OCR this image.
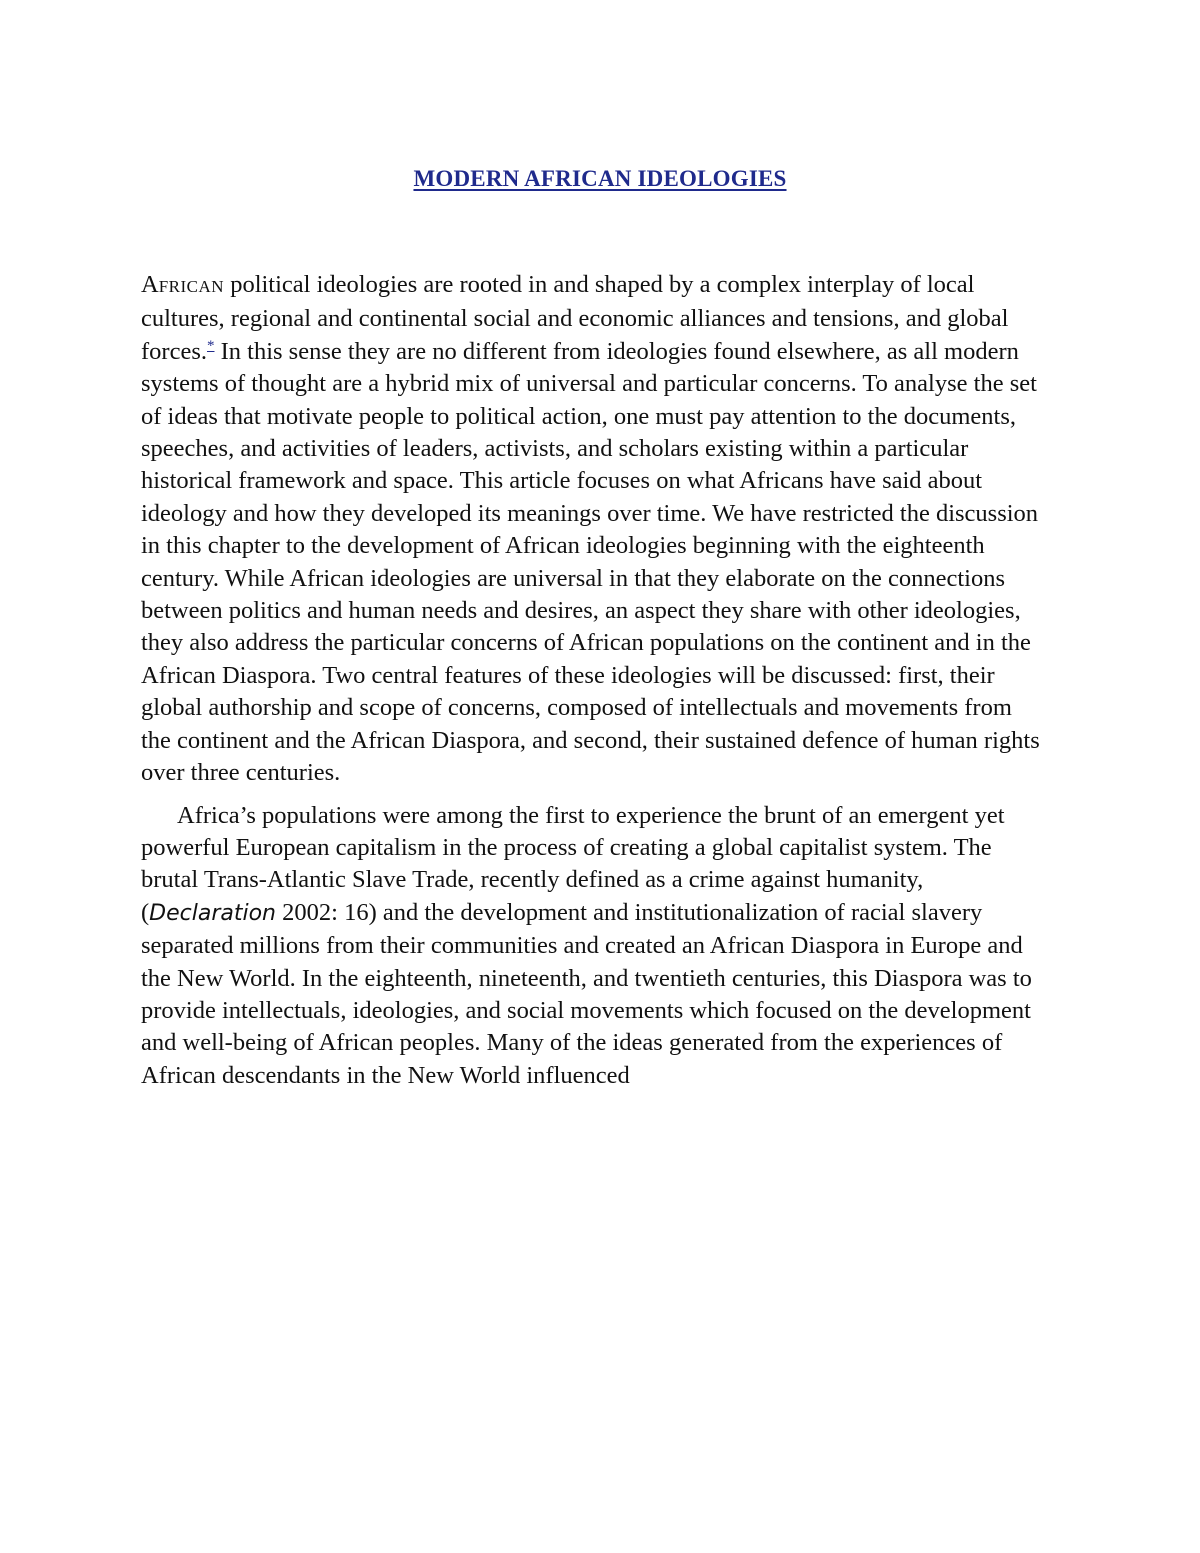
MODERN AFRICAN IDEOLOGIES

AFRICAN political ideologies are rooted in and shaped by a complex interplay of local cultures, regional and continental social and economic alliances and tensions, and global forces.* In this sense they are no different from ideologies found elsewhere, as all modern systems of thought are a hybrid mix of universal and particular concerns. To analyse the set of ideas that motivate people to political action, one must pay attention to the documents, speeches, and activities of leaders, activists, and scholars existing within a particular historical framework and space. This article focuses on what Africans have said about ideology and how they developed its meanings over time. We have restricted the discussion in this chapter to the development of African ideologies beginning with the eighteenth century. While African ideologies are universal in that they elaborate on the connections between politics and human needs and desires, an aspect they share with other ideologies, they also address the particular concerns of African populations on the continent and in the African Diaspora. Two central features of these ideologies will be discussed: first, their global authorship and scope of concerns, composed of intellectuals and movements from the continent and the African Diaspora, and second, their sustained defence of human rights over three centuries.

Africa’s populations were among the first to experience the brunt of an emergent yet powerful European capitalism in the process of creating a global capitalist system. The brutal Trans-Atlantic Slave Trade, recently defined as a crime against humanity, (Declaration 2002: 16) and the development and institutionalization of racial slavery separated millions from their communities and created an African Diaspora in Europe and the New World. In the eighteenth, nineteenth, and twentieth centuries, this Diaspora was to provide intellectuals, ideologies, and social movements which focused on the development and well-being of African peoples. Many of the ideas generated from the experiences of African descendants in the New World influenced
